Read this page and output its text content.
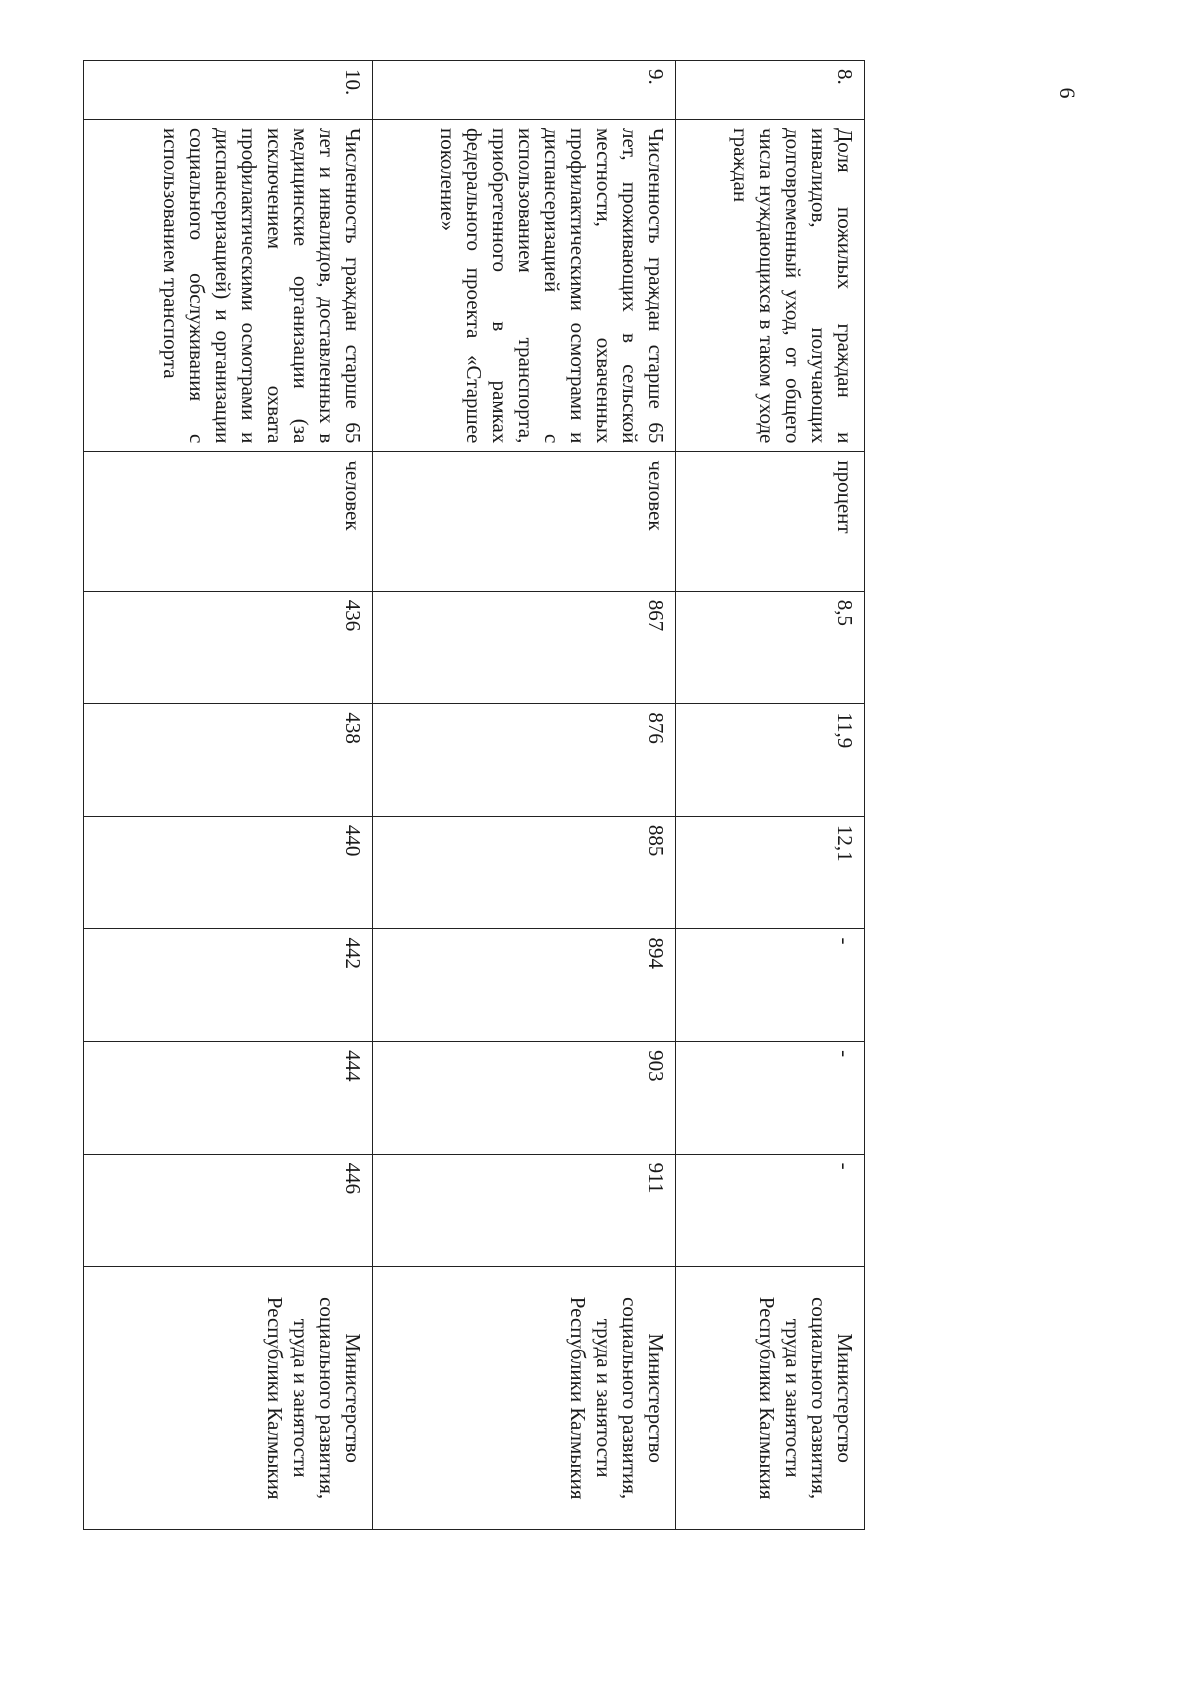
6
8.	Доля пожилых граждан и инвалидов, получающих долговременный уход, от общего числа нуждающихся в таком уходе граждан	процент	8,5	11,9	12,1	-	-	-	Министерство социального развития, труда и занятости Республики Калмыкия
9.	Численность граждан старше 65 лет, проживающих в сельской местности, охваченных профилактическими осмотрами и диспансеризацией с использованием транспорта, приобретенного в рамках федерального проекта «Старшее поколение»	человек	867	876	885	894	903	911	Министерство социального развития, труда и занятости Республики Калмыкия
10.	Численность граждан старше 65 лет и инвалидов, доставленных в медицинские организации (за исключением охвата профилактическими осмотрами и диспансеризацией) и организации социального обслуживания с использованием транспорта	человек	436	438	440	442	444	446	Министерство социального развития, труда и занятости Республики Калмыкия
